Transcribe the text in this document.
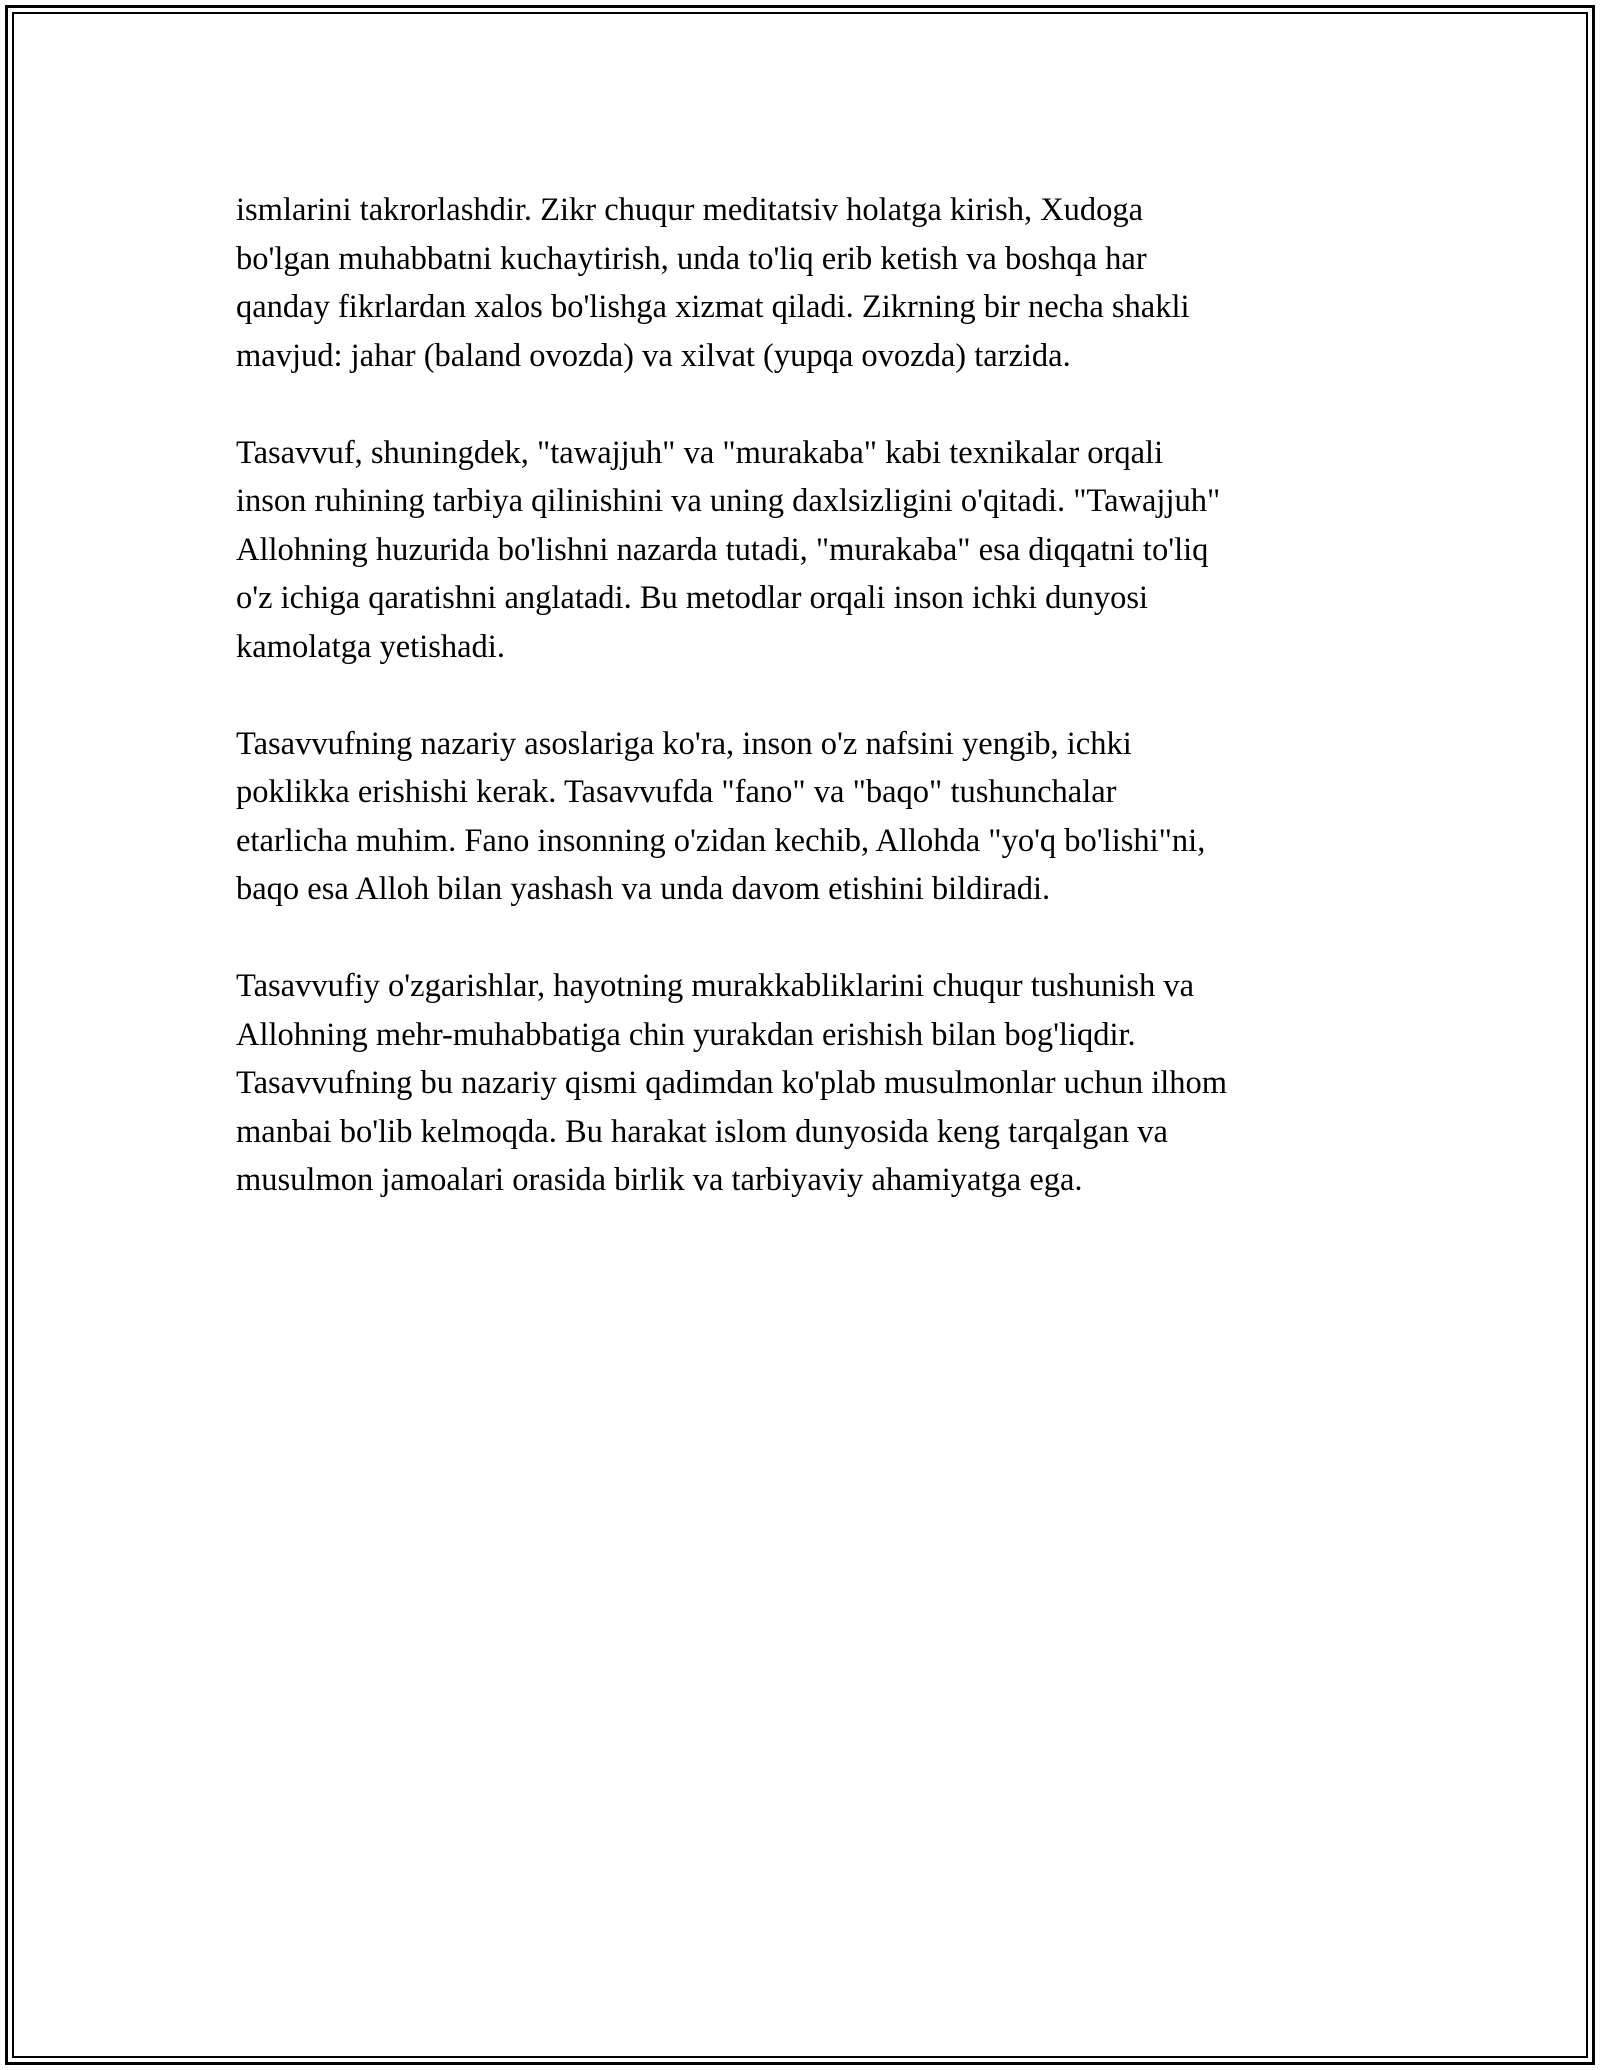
ismlarini takrorlashdir. Zikr chuqur meditatsiv holatga kirish, Xudoga
bo'lgan muhabbatni kuchaytirish, unda to'liq erib ketish va boshqa har
qanday fikrlardan xalos bo'lishga xizmat qiladi. Zikrning bir necha shakli
mavjud: jahar (baland ovozda) va xilvat (yupqa ovozda) tarzida.

Tasavvuf, shuningdek, "tawajjuh" va "murakaba" kabi texnikalar orqali
inson ruhining tarbiya qilinishini va uning daxlsizligini o'qitadi. "Tawajjuh"
Allohning huzurida bo'lishni nazarda tutadi, "murakaba" esa diqqatni to'liq
o'z ichiga qaratishni anglatadi. Bu metodlar orqali inson ichki dunyosi
kamolatga yetishadi.

Tasavvufning nazariy asoslariga ko'ra, inson o'z nafsini yengib, ichki
poklikka erishishi kerak. Tasavvufda "fano" va "baqo" tushunchalar
etarlicha muhim. Fano insonning o'zidan kechib, Allohda "yo'q bo'lishi"ni,
baqo esa Alloh bilan yashash va unda davom etishini bildiradi.

Tasavvufiy o'zgarishlar, hayotning murakkabliklarini chuqur tushunish va
Allohning mehr-muhabbatiga chin yurakdan erishish bilan bog'liqdir.
Tasavvufning bu nazariy qismi qadimdan ko'plab musulmonlar uchun ilhom
manbai bo'lib kelmoqda. Bu harakat islom dunyosida keng tarqalgan va
musulmon jamoalari orasida birlik va tarbiyaviy ahamiyatga ega.
